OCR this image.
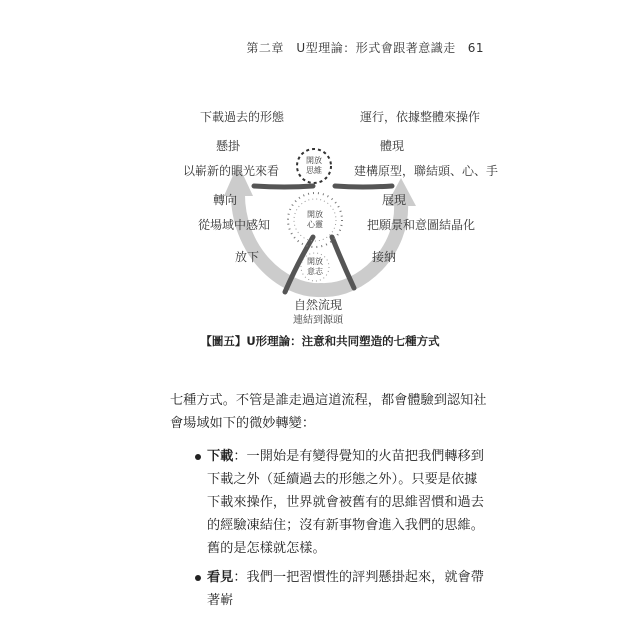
第二章　U型理論：形式會跟著意識走 61
下載過去的形態	運行，依據整體來操作
懸掛	體現
以嶄新的眼光來看	建構原型，聯結頭、心、手
轉向	展現
從場域中感知	把願景和意圖結晶化
放下	接納
自然流現
連結到源頭
開放
思維
開放
心靈
開放
意志
【圖五】U形理論：注意和共同塑造的七種方式

七種方式。不管是誰走過這道流程，都會體驗到認知社會場域如下的微妙轉變：

下載：一開始是有變得覺知的火苗把我們轉移到下載之外（延續過去的形態之外）。只要是依據下載來操作，世界就會被舊有的思維習慣和過去的經驗凍結住；沒有新事物會進入我們的思維。舊的是怎樣就怎樣。
看見：我們一把習慣性的評判懸掛起來，就會帶著嶄
